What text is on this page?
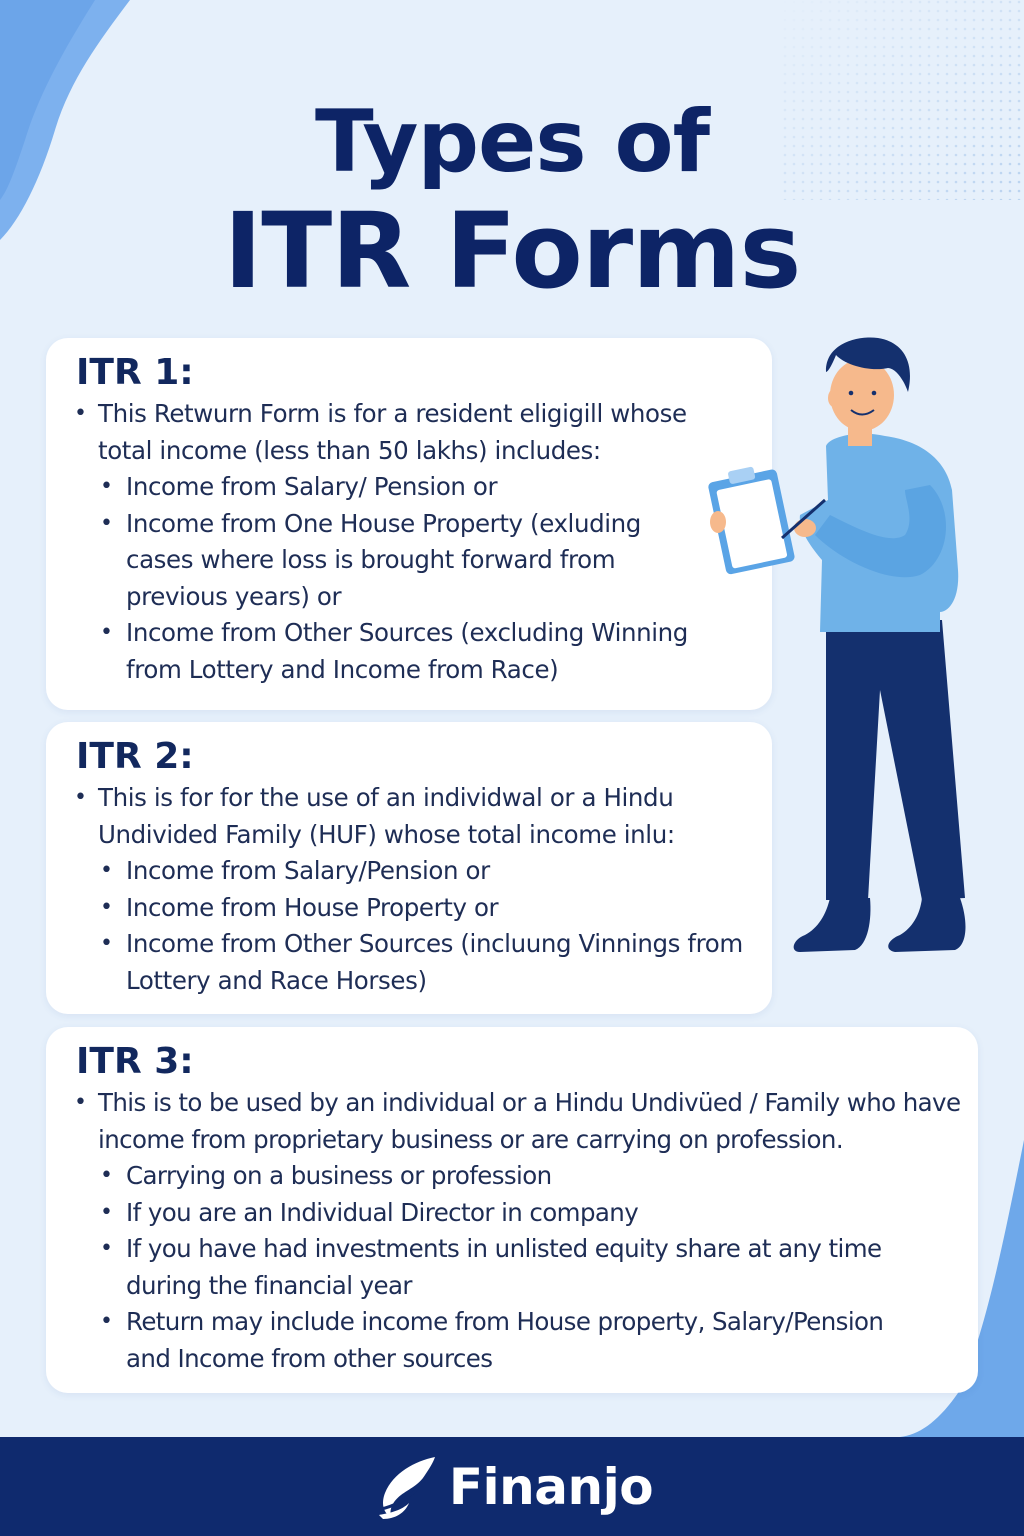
Types of
ITR Forms
ITR 1:

• This Retwurn Form is for a resident eligigill whose
total income (less than 50 lakhs) includes:

• Income from Salary/ Pension or

• Income from One House Property (exluding
cases where loss is brought forward from
previous years) or

• Income from Other Sources (excluding Winning
from Lottery and Income from Race)

ITR 2:

• This is for for the use of an individwal or a Hindu
Undivided Family (HUF) whose total income inlu:

• Income from Salary/Pension or

• Income from House Property or

• Income from Other Sources (incluung Vinnings from
Lottery and Race Horses)

ITR 3:

• This is to be used by an individual or a Hindu Undivüed / Family who have
income from proprietary business or are carrying on profession.

• Carrying on a business or profession

• If you are an Individual Director in company

• If you have had investments in unlisted equity share at any time
during the financial year

• Return may include income from House property, Salary/Pension
and Income from other sources

Finanjo
